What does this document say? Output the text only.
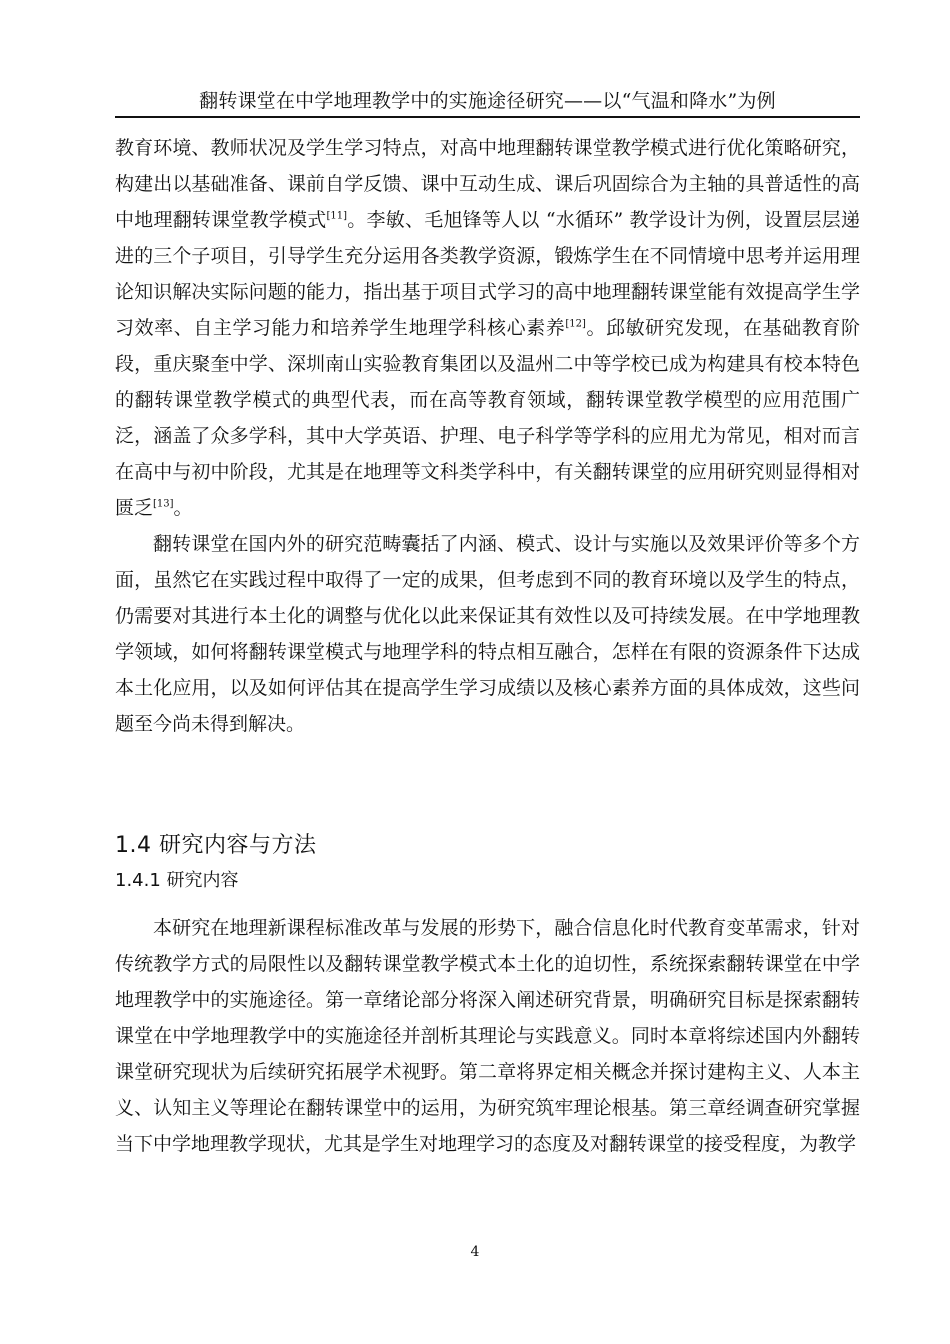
翻转课堂在中学地理教学中的实施途径研究——以“气温和降水”为例

教育环境、教师状况及学生学习特点，对高中地理翻转课堂教学模式进行优化策略研究，构建出以基础准备、课前自学反馈、课中互动生成、课后巩固综合为主轴的具普适性的高中地理翻转课堂教学模式[11]。李敏、毛旭锋等人以 “水循环” 教学设计为例，设置层层递进的三个子项目，引导学生充分运用各类教学资源，锻炼学生在不同情境中思考并运用理论知识解决实际问题的能力，指出基于项目式学习的高中地理翻转课堂能有效提高学生学习效率、自主学习能力和培养学生地理学科核心素养[12]。邱敏研究发现，在基础教育阶段，重庆聚奎中学、深圳南山实验教育集团以及温州二中等学校已成为构建具有校本特色的翻转课堂教学模式的典型代表，而在高等教育领域，翻转课堂教学模型的应用范围广泛，涵盖了众多学科，其中大学英语、护理、电子科学等学科的应用尤为常见，相对而言在高中与初中阶段，尤其是在地理等文科类学科中，有关翻转课堂的应用研究则显得相对匮乏[13]。

翻转课堂在国内外的研究范畴囊括了内涵、模式、设计与实施以及效果评价等多个方面，虽然它在实践过程中取得了一定的成果，但考虑到不同的教育环境以及学生的特点，仍需要对其进行本土化的调整与优化以此来保证其有效性以及可持续发展。在中学地理教学领域，如何将翻转课堂模式与地理学科的特点相互融合，怎样在有限的资源条件下达成本土化应用，以及如何评估其在提高学生学习成绩以及核心素养方面的具体成效，这些问题至今尚未得到解决。

1.4 研究内容与方法
1.4.1 研究内容

本研究在地理新课程标准改革与发展的形势下，融合信息化时代教育变革需求，针对传统教学方式的局限性以及翻转课堂教学模式本土化的迫切性，系统探索翻转课堂在中学地理教学中的实施途径。第一章绪论部分将深入阐述研究背景，明确研究目标是探索翻转课堂在中学地理教学中的实施途径并剖析其理论与实践意义。同时本章将综述国内外翻转课堂研究现状为后续研究拓展学术视野。第二章将界定相关概念并探讨建构主义、人本主义、认知主义等理论在翻转课堂中的运用，为研究筑牢理论根基。第三章经调查研究掌握当下中学地理教学现状，尤其是学生对地理学习的态度及对翻转课堂的接受程度，为教学

4
